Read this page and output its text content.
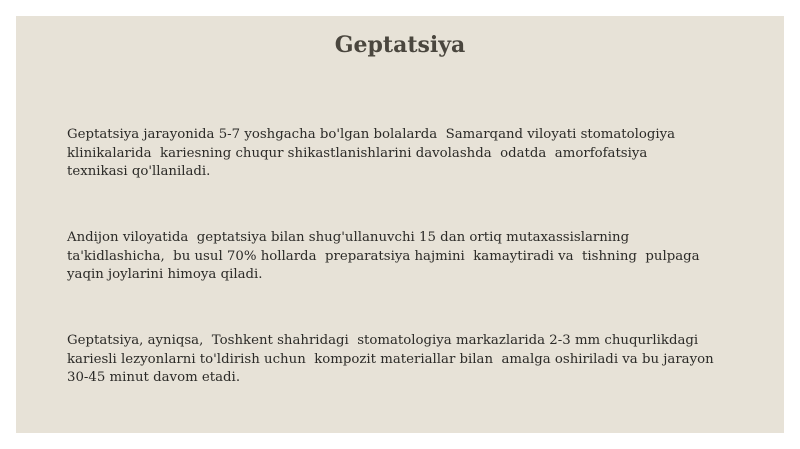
Geptatsiya

Geptatsiya jarayonida 5-7 yoshgacha bo'lgan bolalarda  Samarqand viloyati stomatologiya
klinikalarida  kariesning chuqur shikastlanishlarini davolashda  odatda  amorfofatsiya
texnikasi qo'llaniladi.

Andijon viloyatida  geptatsiya bilan shug'ullanuvchi 15 dan ortiq mutaxassislarning
ta'kidlashicha,  bu usul 70% hollarda  preparatsiya hajmini  kamaytiradi va  tishning  pulpaga
yaqin joylarini himoya qiladi.

Geptatsiya, ayniqsa,  Toshkent shahridagi  stomatologiya markazlarida 2-3 mm chuqurlikdagi
kariesli lezyonlarni to'ldirish uchun  kompozit materiallar bilan  amalga oshiriladi va bu jarayon
30-45 minut davom etadi.
